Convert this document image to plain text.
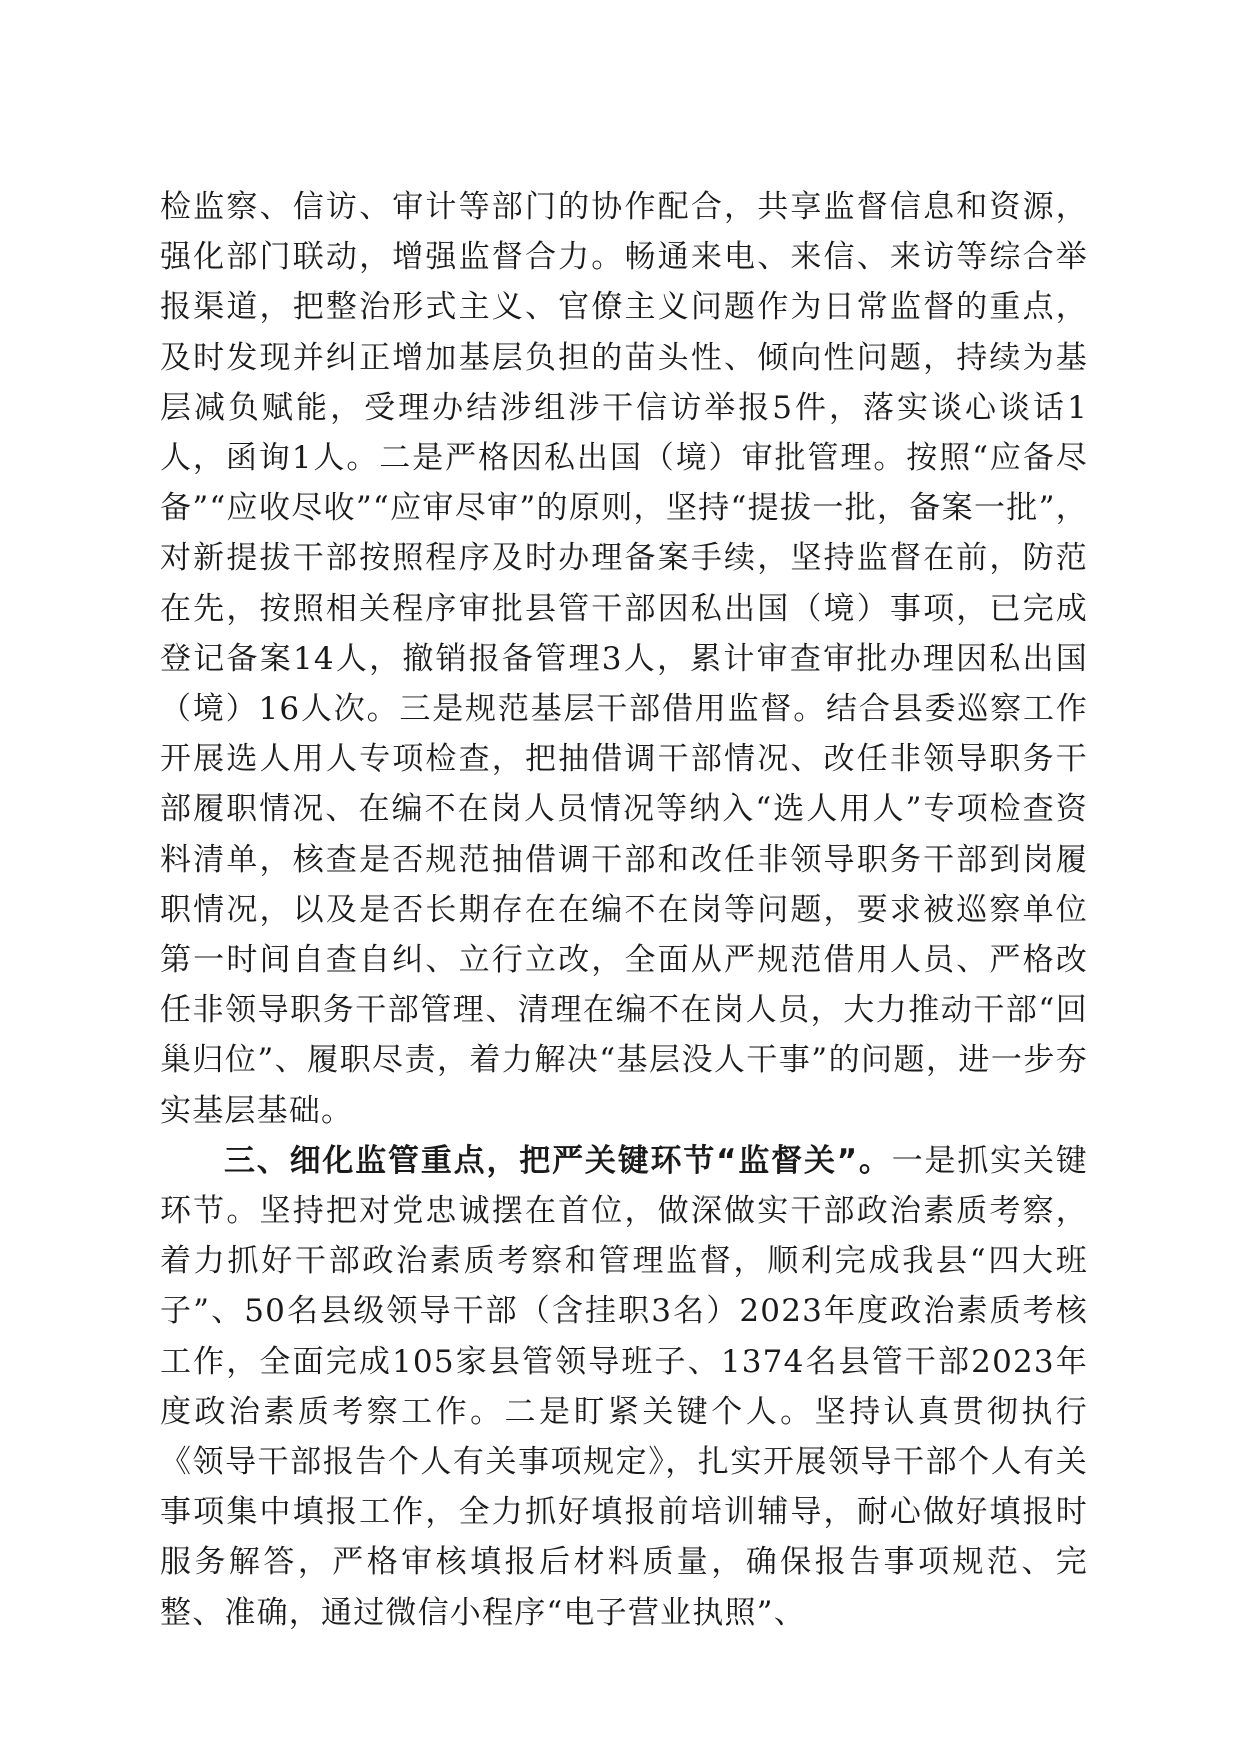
检监察、信访、审计等部门的协作配合，共享监督信息和资源，强化部门联动，增强监督合力。畅通来电、来信、来访等综合举报渠道，把整治形式主义、官僚主义问题作为日常监督的重点，及时发现并纠正增加基层负担的苗头性、倾向性问题，持续为基层减负赋能，受理办结涉组涉干信访举报5件，落实谈心谈话1人，函询1人。二是严格因私出国（境）审批管理。按照“应备尽备”“应收尽收”“应审尽审”的原则，坚持“提拔一批，备案一批”，对新提拔干部按照程序及时办理备案手续，坚持监督在前，防范在先，按照相关程序审批县管干部因私出国（境）事项，已完成登记备案14人，撤销报备管理3人，累计审查审批办理因私出国（境）16人次。三是规范基层干部借用监督。结合县委巡察工作开展选人用人专项检查，把抽借调干部情况、改任非领导职务干部履职情况、在编不在岗人员情况等纳入“选人用人”专项检查资料清单，核查是否规范抽借调干部和改任非领导职务干部到岗履职情况，以及是否长期存在在编不在岗等问题，要求被巡察单位第一时间自查自纠、立行立改，全面从严规范借用人员、严格改任非领导职务干部管理、清理在编不在岗人员，大力推动干部“回巢归位”、履职尽责，着力解决“基层没人干事”的问题，进一步夯实基层基础。

三、细化监管重点，把严关键环节“监督关”。一是抓实关键环节。坚持把对党忠诚摆在首位，做深做实干部政治素质考察，着力抓好干部政治素质考察和管理监督，顺利完成我县“四大班子”、50名县级领导干部（含挂职3名）2023年度政治素质考核工作，全面完成105家县管领导班子、1374名县管干部2023年度政治素质考察工作。二是盯紧关键个人。坚持认真贯彻执行《领导干部报告个人有关事项规定》，扎实开展领导干部个人有关事项集中填报工作，全力抓好填报前培训辅导，耐心做好填报时服务解答，严格审核填报后材料质量，确保报告事项规范、完整、准确，通过微信小程序“电子营业执照”、
